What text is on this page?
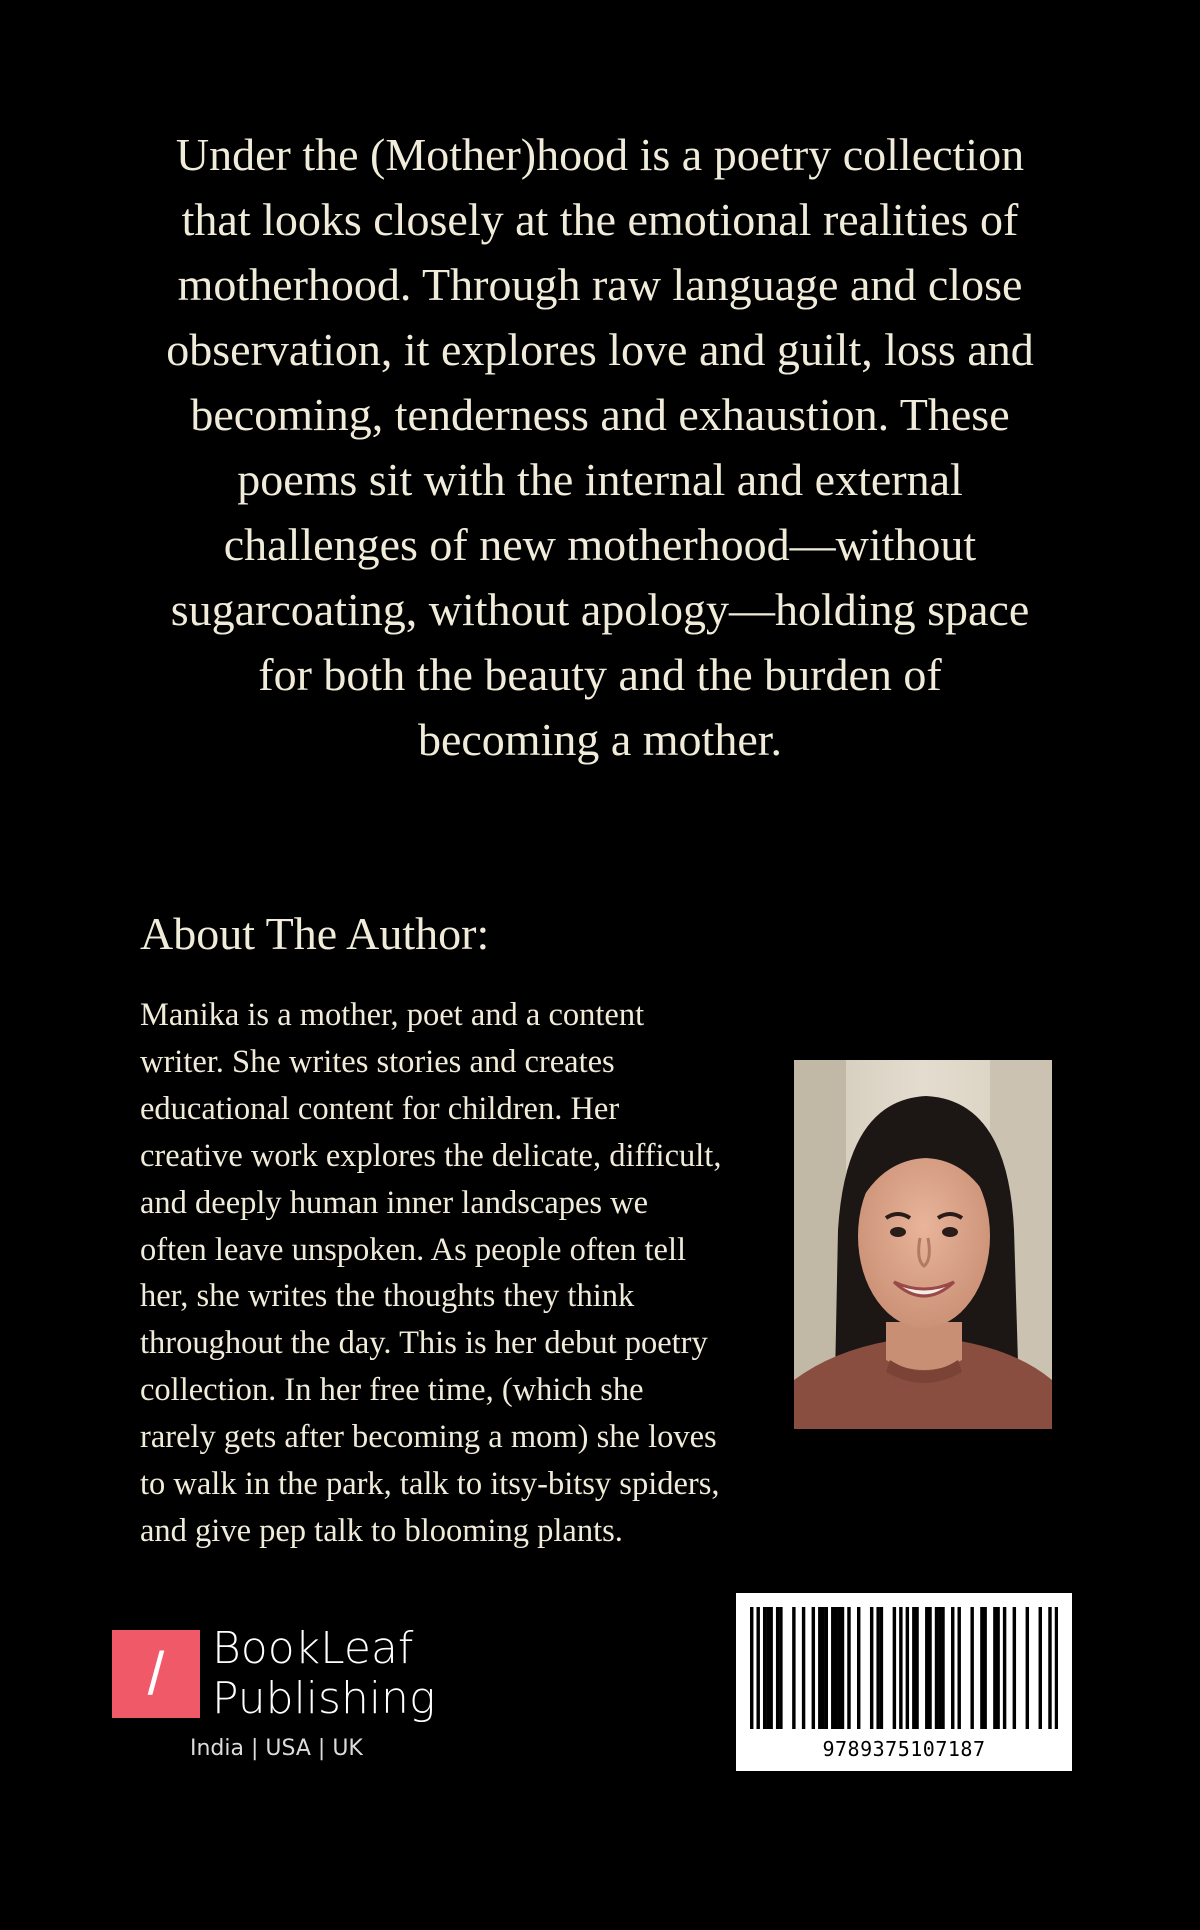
Under the (Mother)hood is a poetry collection
that looks closely at the emotional realities of
motherhood. Through raw language and close
observation, it explores love and guilt, loss and
becoming, tenderness and exhaustion. These
poems sit with the internal and external
challenges of new motherhood—without
sugarcoating, without apology—holding space
for both the beauty and the burden of
becoming a mother.

About The Author:

Manika is a mother, poet and a content
writer. She writes stories and creates
educational content for children. Her
creative work explores the delicate, difficult,
and deeply human inner landscapes we
often leave unspoken. As people often tell
her, she writes the thoughts they think
throughout the day. This is her debut poetry
collection. In her free time, (which she
rarely gets after becoming a mom) she loves
to walk in the park, talk to itsy-bitsy spiders,
and give pep talk to blooming plants.

/	BookLeaf
Publishing
India | USA | UK	9789375107187
